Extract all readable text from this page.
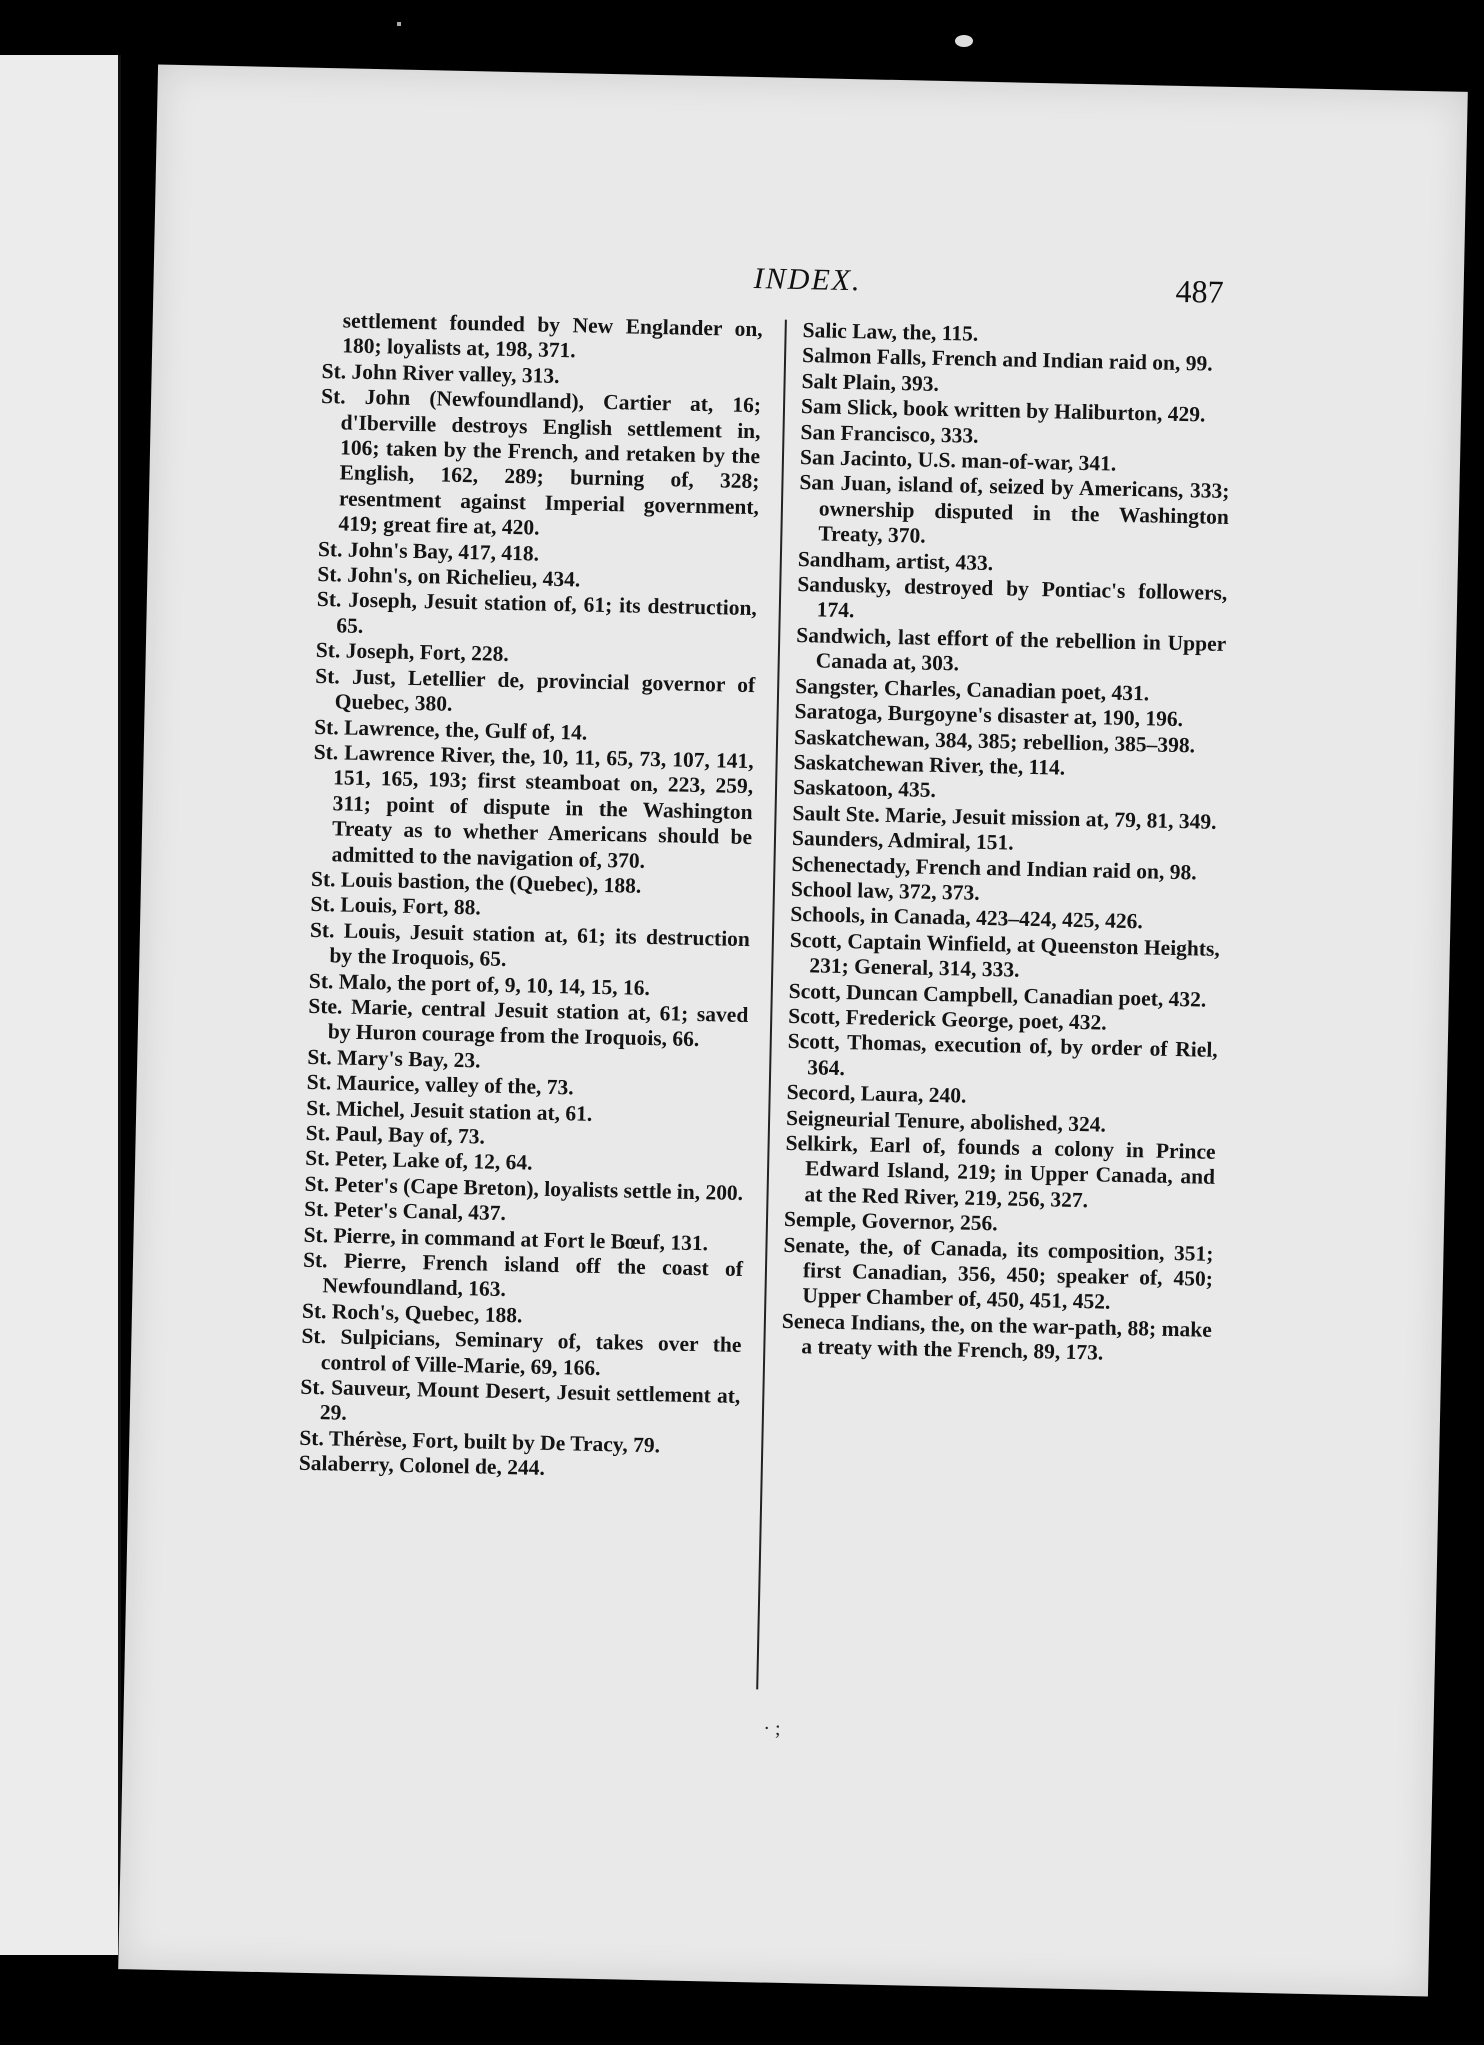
INDEX.	487

settlement founded by New Englander on, 180; loyalists at, 198, 371.

St. John River valley, 313.

St. John (Newfoundland), Cartier at, 16; d'Iberville destroys English settlement in, 106; taken by the French, and retaken by the English, 162, 289; burning of, 328; resentment against Imperial government, 419; great fire at, 420.

St. John's Bay, 417, 418.

St. John's, on Richelieu, 434.

St. Joseph, Jesuit station of, 61; its destruction, 65.

St. Joseph, Fort, 228.

St. Just, Letellier de, provincial governor of Quebec, 380.

St. Lawrence, the, Gulf of, 14.

St. Lawrence River, the, 10, 11, 65, 73, 107, 141, 151, 165, 193; first steamboat on, 223, 259, 311; point of dispute in the Washington Treaty as to whether Americans should be admitted to the navigation of, 370.

St. Louis bastion, the (Quebec), 188.

St. Louis, Fort, 88.

St. Louis, Jesuit station at, 61; its destruction by the Iroquois, 65.

St. Malo, the port of, 9, 10, 14, 15, 16.

Ste. Marie, central Jesuit station at, 61; saved by Huron courage from the Iroquois, 66.

St. Mary's Bay, 23.

St. Maurice, valley of the, 73.

St. Michel, Jesuit station at, 61.

St. Paul, Bay of, 73.

St. Peter, Lake of, 12, 64.

St. Peter's (Cape Breton), loyalists settle in, 200.

St. Peter's Canal, 437.

St. Pierre, in command at Fort le Bœuf, 131.

St. Pierre, French island off the coast of Newfoundland, 163.

St. Roch's, Quebec, 188.

St. Sulpicians, Seminary of, takes over the control of Ville-Marie, 69, 166.

St. Sauveur, Mount Desert, Jesuit settlement at, 29.

St. Thérèse, Fort, built by De Tracy, 79.

Salaberry, Colonel de, 244.

Salic Law, the, 115.

Salmon Falls, French and Indian raid on, 99.

Salt Plain, 393.

Sam Slick, book written by Haliburton, 429.

San Francisco, 333.

San Jacinto, U.S. man-of-war, 341.

San Juan, island of, seized by Americans, 333; ownership disputed in the Washington Treaty, 370.

Sandham, artist, 433.

Sandusky, destroyed by Pontiac's followers, 174.

Sandwich, last effort of the rebellion in Upper Canada at, 303.

Sangster, Charles, Canadian poet, 431.

Saratoga, Burgoyne's disaster at, 190, 196.

Saskatchewan, 384, 385; rebellion, 385–398.

Saskatchewan River, the, 114.

Saskatoon, 435.

Sault Ste. Marie, Jesuit mission at, 79, 81, 349.

Saunders, Admiral, 151.

Schenectady, French and Indian raid on, 98.

School law, 372, 373.

Schools, in Canada, 423–424, 425, 426.

Scott, Captain Winfield, at Queenston Heights, 231; General, 314, 333.

Scott, Duncan Campbell, Canadian poet, 432.

Scott, Frederick George, poet, 432.

Scott, Thomas, execution of, by order of Riel, 364.

Secord, Laura, 240.

Seigneurial Tenure, abolished, 324.

Selkirk, Earl of, founds a colony in Prince Edward Island, 219; in Upper Canada, and at the Red River, 219, 256, 327.

Semple, Governor, 256.

Senate, the, of Canada, its composition, 351; first Canadian, 356, 450; speaker of, 450; Upper Chamber of, 450, 451, 452.

Seneca Indians, the, on the war-path, 88; make a treaty with the French, 89, 173.

· ;
